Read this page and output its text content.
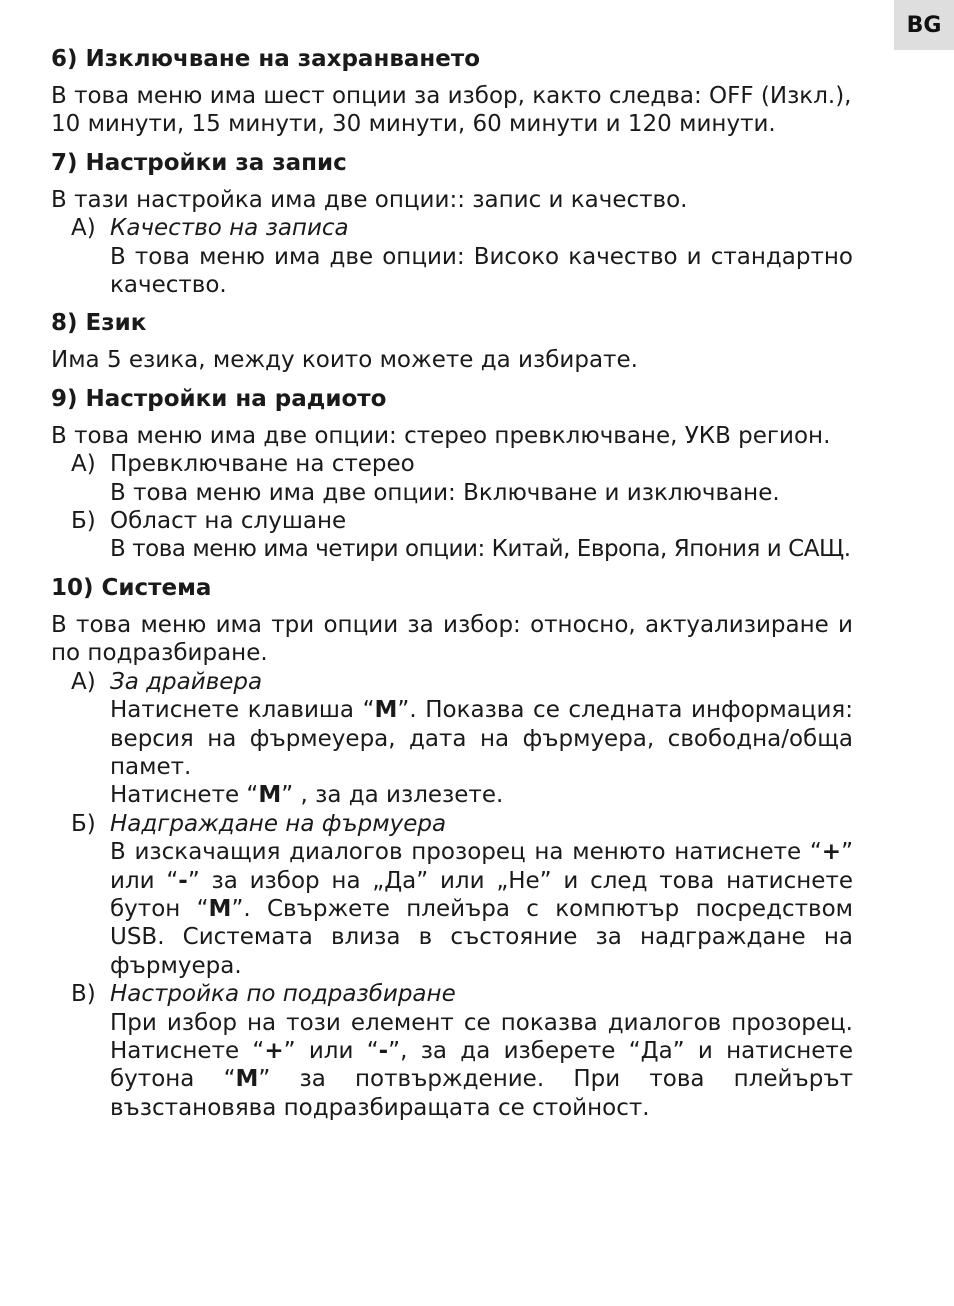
BG
6) Изключване на захранването

В това меню има шест опции за избор, както следва: OFF (Изкл.),

10 минути, 15 минути, 30 минути, 60 минути и 120 минути.

7) Настройки за запис

В тази настройка има две опции:: запис и качество.

А) Качество на записа

В това меню има две опции: Високо качество и стандартно качество.

8) Език

Има 5 езика, между които можете да избирате.

9) Настройки на радиото

В това меню има две опции: стерео превключване, УКВ регион.

А) Превключване на стерео

В това меню има две опции: Включване и изключване.

Б) Област на слушане

В това меню има четири опции: Китай, Европа, Япония и САЩ.

10) Система

В това меню има три опции за избор: относно, актуализиране и по подразбиране.

А) За драйвера

Натиснете клавиша “M”. Показва се следната информация: версия на фърмеуера, дата на фърмуера, свободна/обща памет.

Натиснете “M” , за да излезете.

Б) Надграждане на фърмуера

В изскачащия диалогов прозорец на менюто натиснете “+” или “-” за избор на „Да” или „Не” и след това натиснете бутон “M”. Свържете плейъра с компютър посредством USB. Системата влиза в състояние за надграждане на фърмуера.

В) Настройка по подразбиране

При избор на този елемент се показва диалогов прозорец. Натиснете “+” или “-”, за да изберете “Да” и натиснете бутона “M” за потвърждение. При това плейърът възстановява подразбиращата се стойност.
